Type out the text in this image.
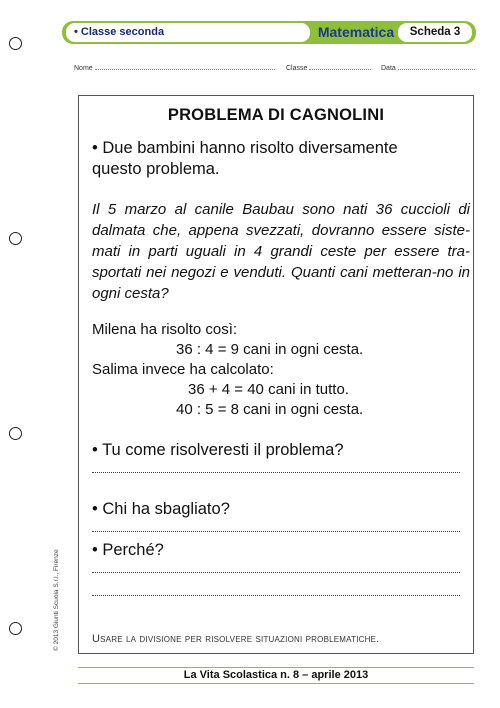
• Classe seconda	Matematica	Scheda 3
Nome	Classe	Data
PROBLEMA DI CAGNOLINI
• Due bambini hanno risolto diversamente
questo problema.
Il 5 marzo al canile Baubau sono nati 36 cuccioli di dalmata che, appena svezzati, dovranno essere siste-mati in parti uguali in 4 grandi ceste per essere tra-sportati nei negozi e venduti. Quanti cani metteran-no in ogni cesta?
Milena ha risolto così:
36 : 4 = 9 cani in ogni cesta.
Salima invece ha calcolato:
36 + 4 = 40 cani in tutto.
40 : 5 = 8 cani in ogni cesta.
• Tu come risolveresti il problema?
• Chi ha sbagliato?
• Perché?
Usare la divisione per risolvere situazioni problematiche.
© 2013 Giunti Scuola S.r.l., Firenze
La Vita Scolastica n. 8 – aprile 2013
